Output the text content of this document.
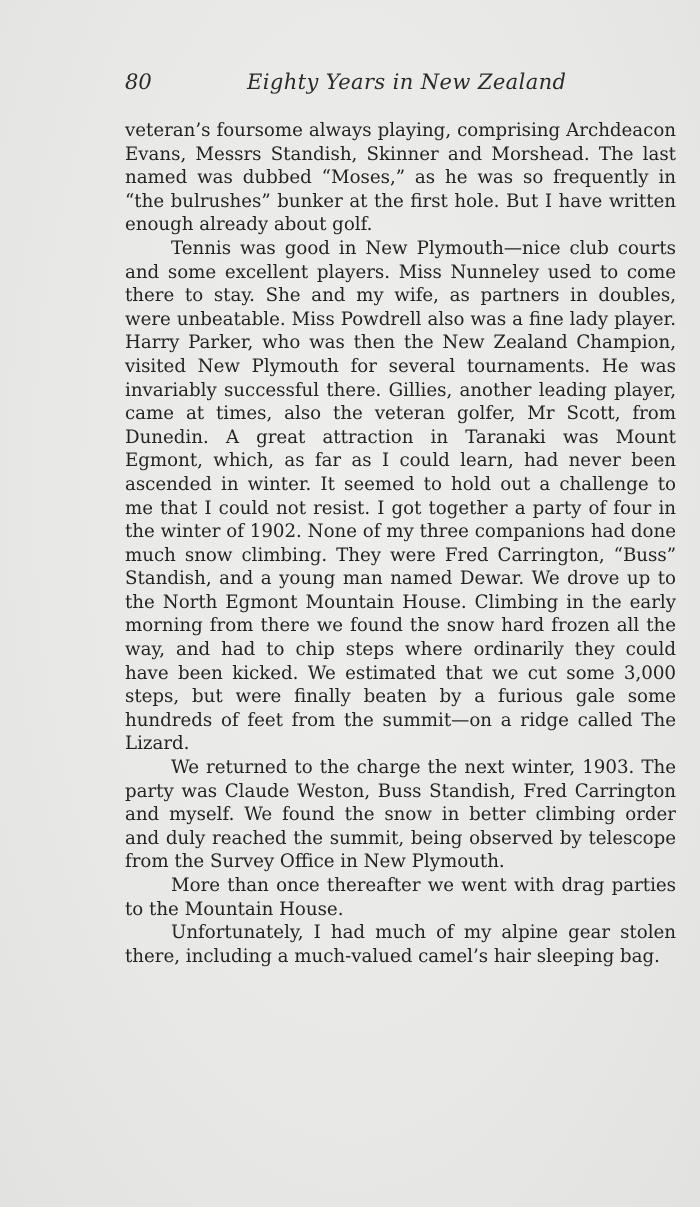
80	Eighty Years in New Zealand

veteran’s foursome always playing, comprising Archdeacon Evans, Messrs Standish, Skinner and Morshead. The last named was dubbed “Moses,” as he was so frequently in “the bulrushes” bunker at the first hole. But I have written enough already about golf.

Tennis was good in New Plymouth—nice club courts and some excellent players. Miss Nunneley used to come there to stay. She and my wife, as partners in doubles, were unbeatable. Miss Powdrell also was a fine lady player. Harry Parker, who was then the New Zealand Champion, visited New Plymouth for several tournaments. He was invariably successful there. Gillies, another leading player, came at times, also the veteran golfer, Mr Scott, from Dunedin. A great attraction in Taranaki was Mount Egmont, which, as far as I could learn, had never been ascended in winter. It seemed to hold out a challenge to me that I could not resist. I got together a party of four in the winter of 1902. None of my three companions had done much snow climbing. They were Fred Carrington, “Buss” Standish, and a young man named Dewar. We drove up to the North Egmont Mountain House. Climbing in the early morning from there we found the snow hard frozen all the way, and had to chip steps where ordinarily they could have been kicked. We estimated that we cut some 3,000 steps, but were finally beaten by a furious gale some hundreds of feet from the summit—on a ridge called The Lizard.

We returned to the charge the next winter, 1903. The party was Claude Weston, Buss Standish, Fred Carrington and myself. We found the snow in better climbing order and duly reached the summit, being observed by telescope from the Survey Office in New Plymouth.

More than once thereafter we went with drag parties to the Mountain House.

Unfortunately, I had much of my alpine gear stolen there, including a much-valued camel’s hair sleeping bag.
